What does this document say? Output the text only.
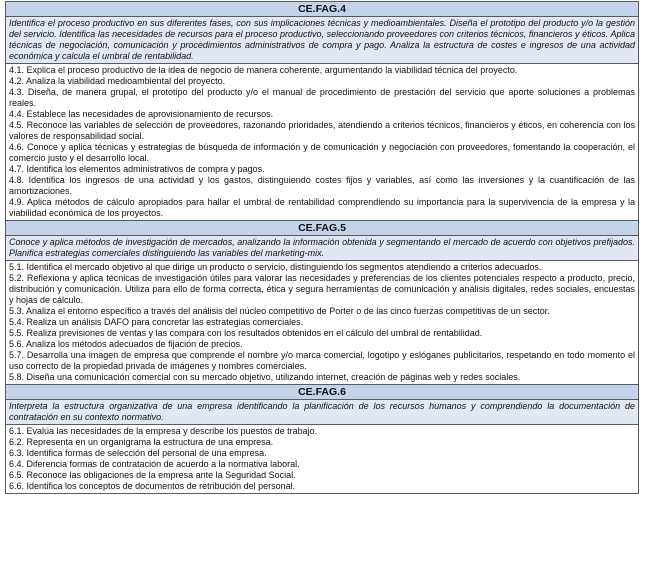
CE.FAG.4
Identifica el proceso productivo en sus diferentes fases, con sus implicaciones técnicas y medioambientales. Diseña el prototipo del producto y/o la gestión del servicio. Identifica las necesidades de recursos para el proceso productivo, seleccionando proveedores con criterios técnicos, financieros y éticos. Aplica técnicas de negociación, comunicación y procedimientos administrativos de compra y pago. Analiza la estructura de costes e ingresos de una actividad económica y calcula el umbral de rentabilidad.

4.1. Explica el proceso productivo de la idea de negocio de manera coherente, argumentando la viabilidad técnica del proyecto.
4.2. Analiza la viabilidad medioambiental del proyecto.
4.3. Diseña, de manera grupal, el prototipo del producto y/o el manual de procedimiento de prestación del servicio que aporte soluciones a problemas reales.
4.4. Establece las necesidades de aprovisionamiento de recursos.
4.5. Reconoce las variables de selección de proveedores, razonando prioridades, atendiendo a criterios técnicos, financieros y éticos, en coherencia con los valores de responsabilidad social.
4.6. Conoce y aplica técnicas y estrategias de búsqueda de información y de comunicación y negociación con proveedores, fomentando la cooperación, el comercio justo y el desarrollo local.
4.7. Identifica los elementos administrativos de compra y pagos.
4.8. Identifica los ingresos de una actividad y los gastos, distinguiendo costes fijos y variables, así como las inversiones y la cuantificación de las amortizaciones.
4.9. Aplica métodos de cálculo apropiados para hallar el umbral de rentabilidad comprendiendo su importancia para la supervivencia de la empresa y la viabilidad económica de los proyectos.

CE.FAG.5
Conoce y aplica métodos de investigación de mercados, analizando la información obtenida y segmentando el mercado de acuerdo con objetivos prefijados. Planifica estrategias comerciales distinguiendo las variables del marketing-mix.

5.1. Identifica el mercado objetivo al que dirige un producto o servicio, distinguiendo los segmentos atendiendo a criterios adecuados.
5.2. Reflexiona y aplica técnicas de investigación útiles para valorar las necesidades y preferencias de los clientes potenciales respecto a producto, precio, distribución y comunicación. Utiliza para ello de forma correcta, ética y segura herramientas de comunicación y análisis digitales, redes sociales, encuestas y hojas de cálculo.
5.3. Analiza el entorno específico a través del análisis del núcleo competitivo de Porter o de las cinco fuerzas competitivas de un sector.
5.4. Realiza un análisis DAFO para concretar las estrategias comerciales.
5.5. Realiza previsiones de ventas y las compara con los resultados obtenidos en el cálculo del umbral de rentabilidad.
5.6. Analiza los métodos adecuados de fijación de precios.
5.7. Desarrolla una imagen de empresa que comprende el nombre y/o marca comercial, logotipo y eslóganes publicitarios, respetando en todo momento el uso correcto de la propiedad privada de imágenes y nombres comerciales.
5.8. Diseña una comunicación comercial con su mercado objetivo, utilizando internet, creación de páginas web y redes sociales.

CE.FAG.6
Interpreta la estructura organizativa de una empresa identificando la planificación de los recursos humanos y comprendiendo la documentación de contratación en su contexto normativo.

6.1. Evalúa las necesidades de la empresa y describe los puestos de trabajo.
6.2. Representa en un organigrama la estructura de una empresa.
6.3. Identifica formas de selección del personal de una empresa.
6.4. Diferencia formas de contratación de acuerdo a la normativa laboral.
6.5. Reconoce las obligaciones de la empresa ante la Seguridad Social.
6.6. Identifica los conceptos de documentos de retribución del personal.
